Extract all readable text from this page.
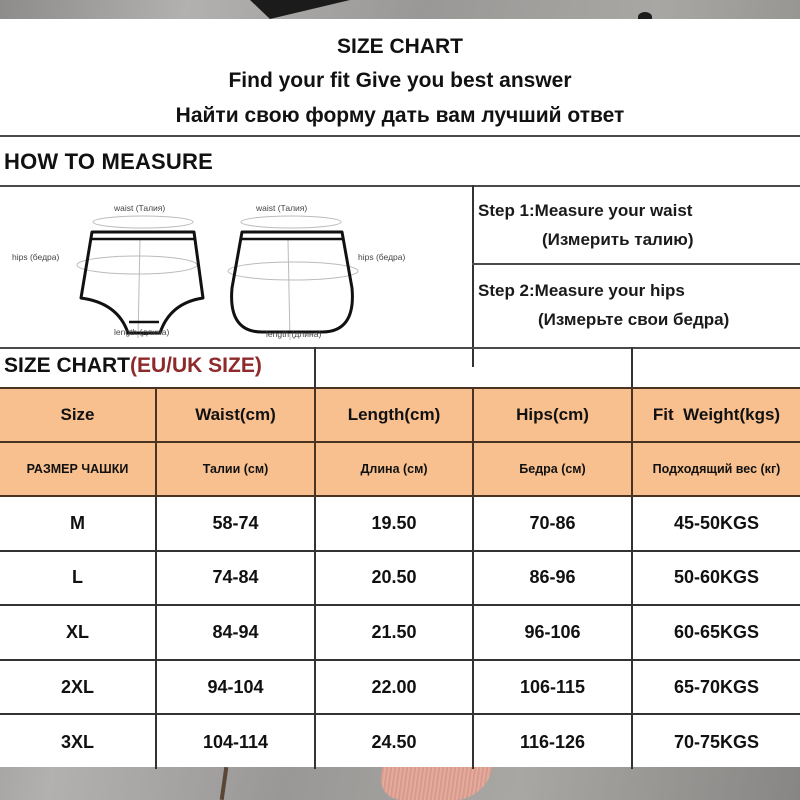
SIZE CHART
Find your fit Give you best answer
Найти свою форму дать вам лучший ответ
HOW TO MEASURE
waist (Талия)
hips (бедра)
length (длина)
waist (Талия)
hips (бедра)
length (длина)
Step 1:Measure your waist
(Измерить талию)
Step 2:Measure your hips
(Измерьте свои бедра)
SIZE CHART(EU/UK SIZE)
Size	Waist(cm)	Length(cm)	Hips(cm)	Fit  Weight(kgs)
РАЗМЕР ЧАШКИ	Талии (см)	Длина (см)	Бедра (см)	Подходящий вес (кг)
M	58-74	19.50	70-86	45-50KGS
L	74-84	20.50	86-96	50-60KGS
XL	84-94	21.50	96-106	60-65KGS
2XL	94-104	22.00	106-115	65-70KGS
3XL	104-114	24.50	116-126	70-75KGS
